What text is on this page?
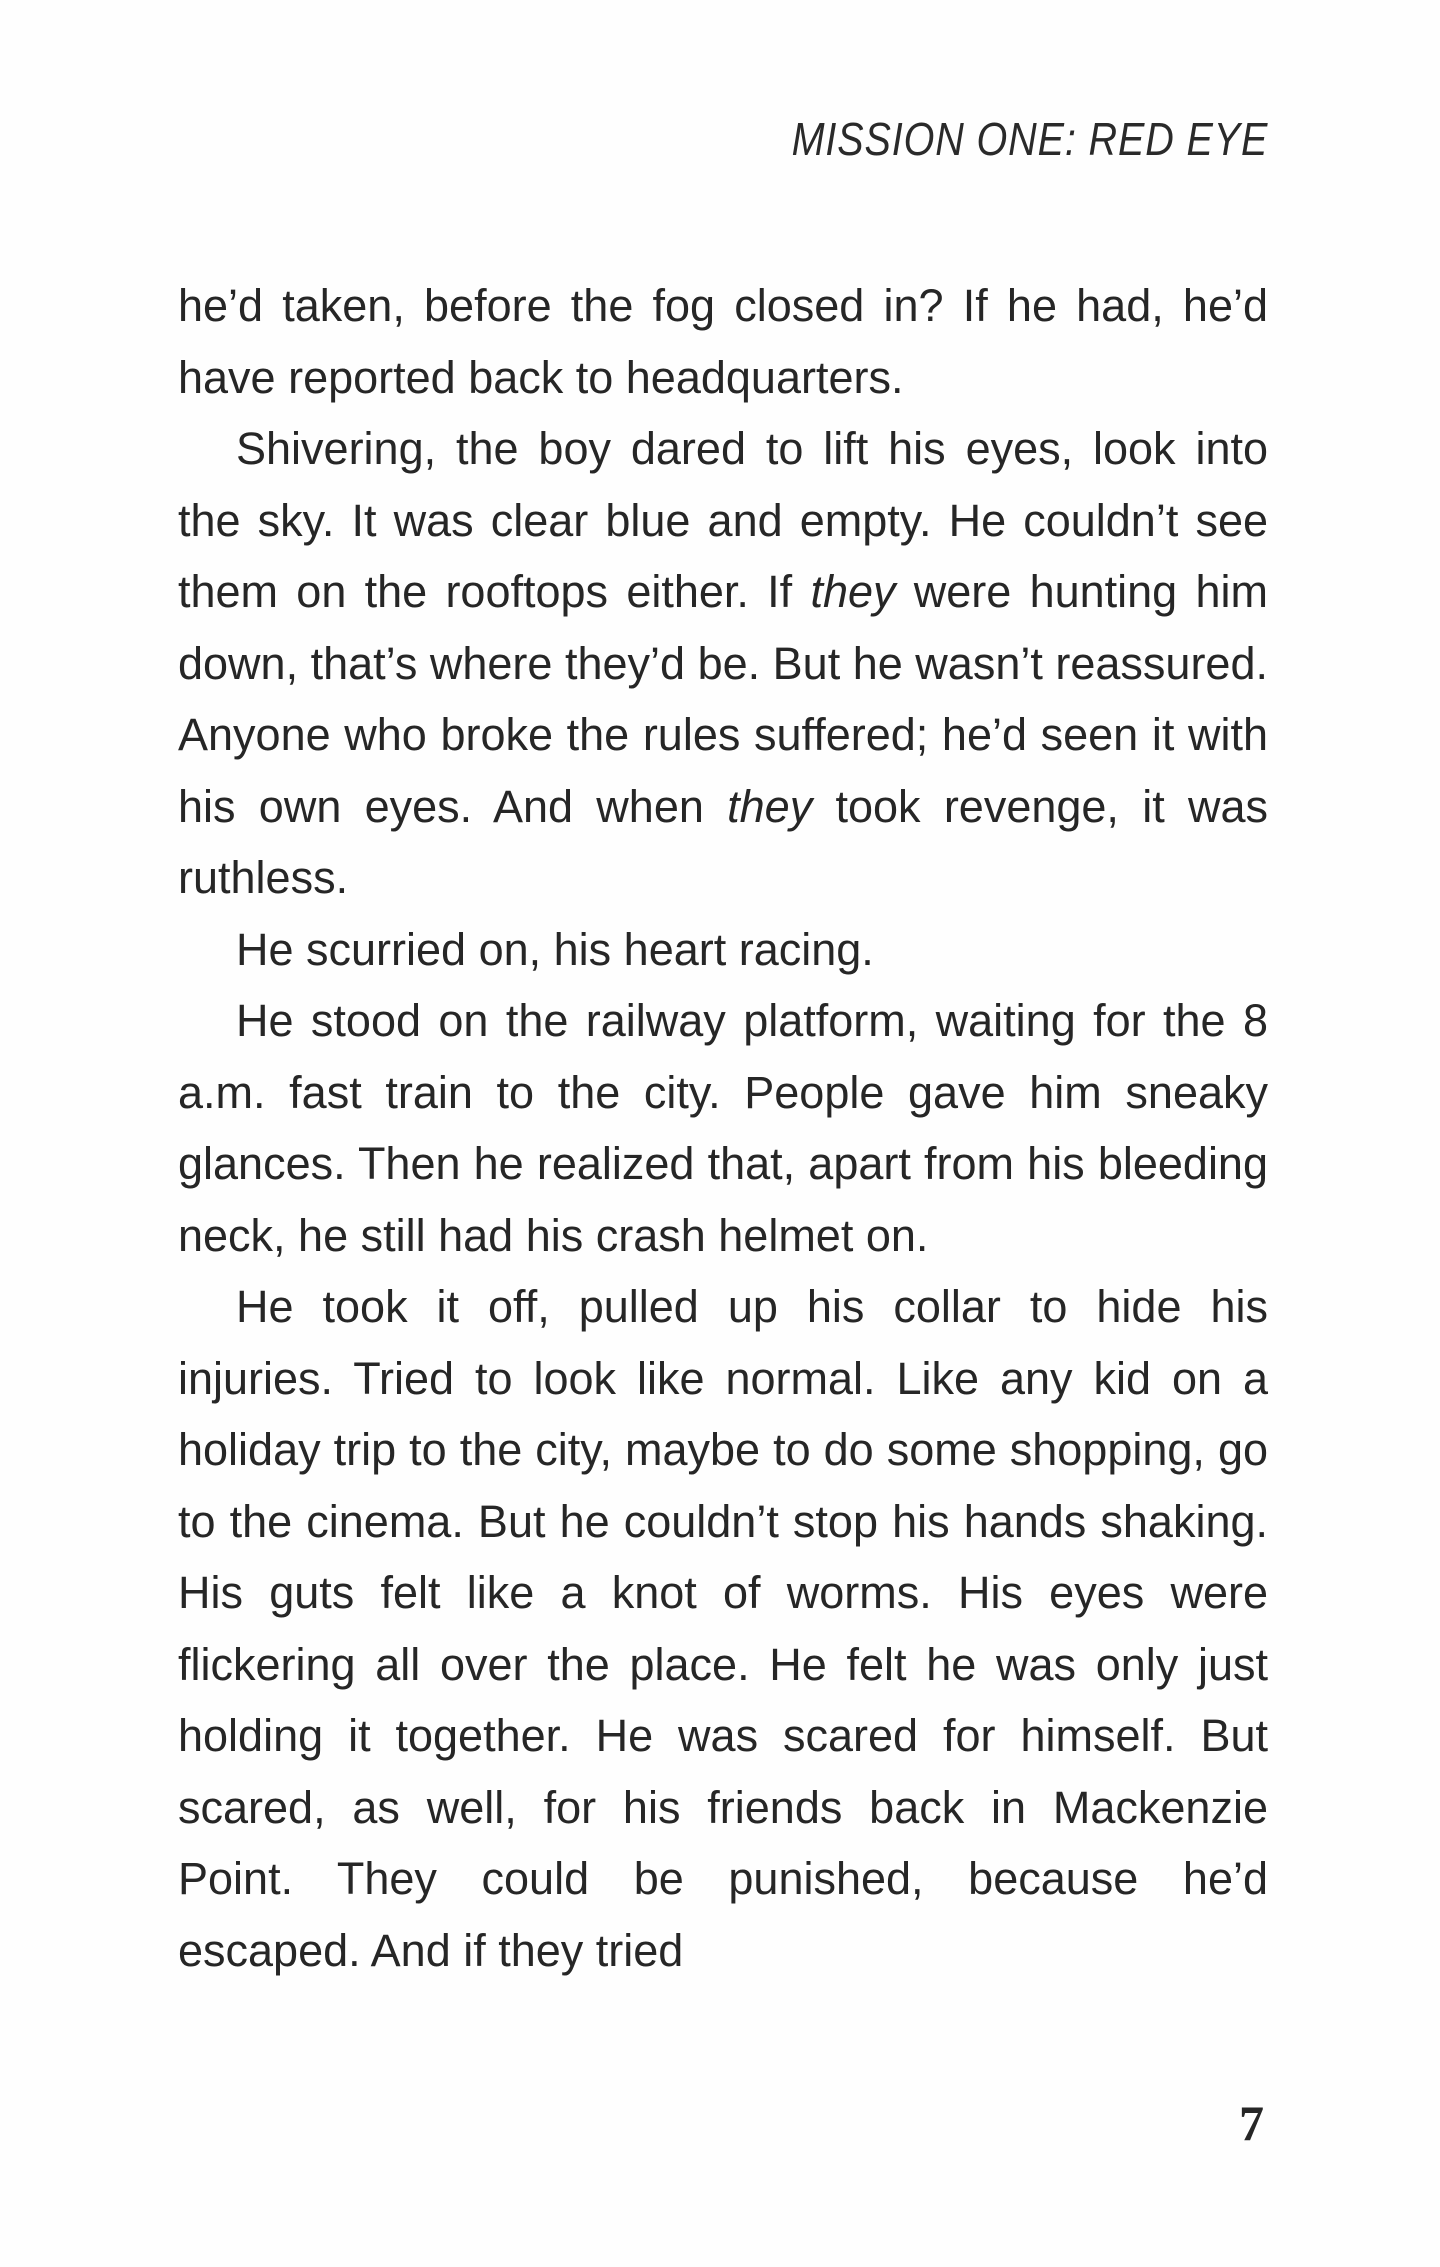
MISSION ONE: RED EYE

he’d taken, before the fog closed in? If he had, he’d have reported back to headquarters.

Shivering, the boy dared to lift his eyes, look into the sky. It was clear blue and empty. He couldn’t see them on the rooftops either. If they were hunting him down, that’s where they’d be. But he wasn’t reassured. Anyone who broke the rules suffered; he’d seen it with his own eyes. And when they took revenge, it was ruthless.

He scurried on, his heart racing.

He stood on the railway platform, waiting for the 8 a.m. fast train to the city. People gave him sneaky glances. Then he realized that, apart from his bleeding neck, he still had his crash helmet on.

He took it off, pulled up his collar to hide his injuries. Tried to look like normal. Like any kid on a holiday trip to the city, maybe to do some shopping, go to the cinema. But he couldn’t stop his hands shaking. His guts felt like a knot of worms. His eyes were flickering all over the place. He felt he was only just holding it together. He was scared for himself. But scared, as well, for his friends back in Mackenzie Point. They could be punished, because he’d escaped. And if they tried

7
